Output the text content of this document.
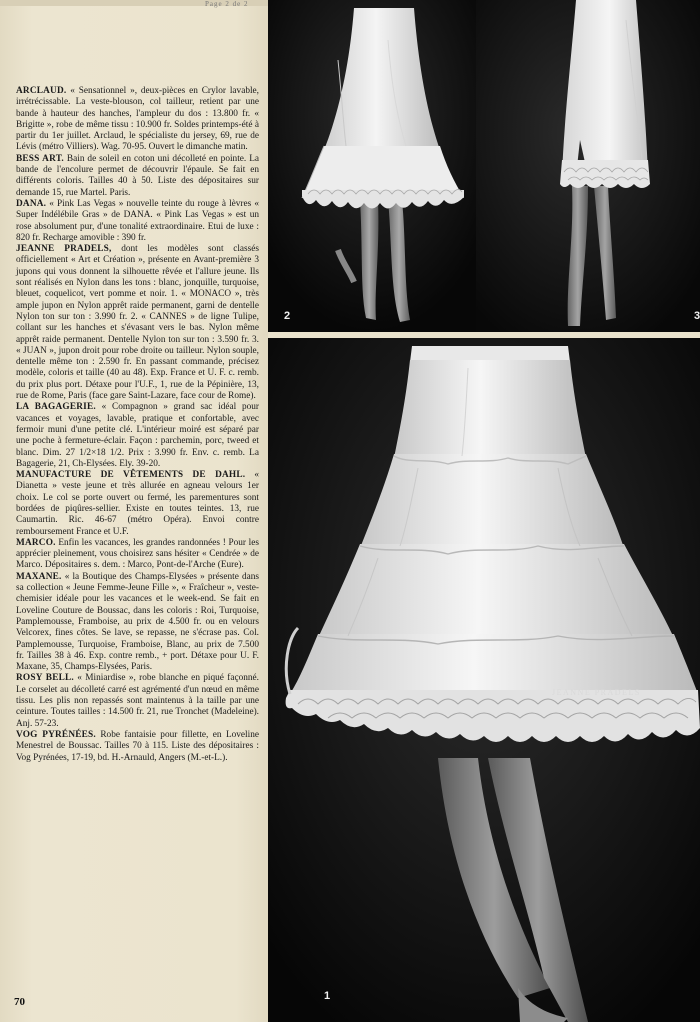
Page 2 de 2

ARCLAUD. « Sensationnel », deux-pièces en Crylor lavable, irrétrécissable. La veste-blouson, col tailleur, retient par une bande à hauteur des hanches, l'ampleur du dos : 13.800 fr. « Brigitte », robe de même tissu : 10.900 fr. Soldes printemps-été à partir du 1er juillet. Arclaud, le spécialiste du jersey, 69, rue de Lévis (métro Villiers). Wag. 70-95. Ouvert le dimanche matin.

BESS ART. Bain de soleil en coton uni décolleté en pointe. La bande de l'encolure permet de découvrir l'épaule. Se fait en différents coloris. Tailles 40 à 50. Liste des dépositaires sur demande 15, rue Martel. Paris.

DANA. « Pink Las Vegas » nouvelle teinte du rouge à lèvres « Super Indélébile Gras » de DANA. « Pink Las Vegas » est un rose absolument pur, d'une tonalité extraordinaire. Etui de luxe : 820 fr. Recharge amovible : 390 fr.

JEANNE PRADELS, dont les modèles sont classés officiellement « Art et Création », présente en Avant-première 3 jupons qui vous donnent la silhouette rêvée et l'allure jeune. Ils sont réalisés en Nylon dans les tons : blanc, jonquille, turquoise, bleuet, coquelicot, vert pomme et noir. 1. « MONACO », très ample jupon en Nylon apprêt raide permanent, garni de dentelle Nylon ton sur ton : 3.990 fr. 2. « CANNES » de ligne Tulipe, collant sur les hanches et s'évasant vers le bas. Nylon même apprêt raide permanent. Dentelle Nylon ton sur ton : 3.590 fr. 3. « JUAN », jupon droit pour robe droite ou tailleur. Nylon souple, dentelle même ton : 2.590 fr. En passant commande, précisez modèle, coloris et taille (40 au 48). Exp. France et U. F. c. remb. du prix plus port. Détaxe pour l'U.F., 1, rue de la Pépinière, 13, rue de Rome, Paris (face gare Saint-Lazare, face cour de Rome).

LA BAGAGERIE. « Compagnon » grand sac idéal pour vacances et voyages, lavable, pratique et confortable, avec fermoir muni d'une petite clé. L'intérieur moiré est séparé par une poche à fermeture-éclair. Façon : parchemin, porc, tweed et blanc. Dim. 27 1/2×18 1/2. Prix : 3.990 fr. Env. c. remb. La Bagagerie, 21, Ch-Elysées. Ely. 39-20.

MANUFACTURE DE VÊTEMENTS DE DAHL. « Dianetta » veste jeune et très allurée en agneau velours 1er choix. Le col se porte ouvert ou fermé, les parementures sont bordées de piqûres-sellier. Existe en toutes teintes. 13, rue Caumartin. Ric. 46-67 (métro Opéra). Envoi contre remboursement France et U.F.

MARCO. Enfin les vacances, les grandes randonnées ! Pour les apprécier pleinement, vous choisirez sans hésiter « Cendrée » de Marco. Dépositaires s. dem. : Marco, Pont-de-l'Arche (Eure).

MAXANE. « la Boutique des Champs-Elysées » présente dans sa collection « Jeune Femme-Jeune Fille », « Fraîcheur », veste-chemisier idéale pour les vacances et le week-end. Se fait en Loveline Couture de Boussac, dans les coloris : Roi, Turquoise, Pamplemousse, Framboise, au prix de 4.500 fr. ou en velours Velcorex, fines côtes. Se lave, se repasse, ne s'écrase pas. Col. Pamplemousse, Turquoise, Framboise, Blanc, au prix de 7.500 fr. Tailles 38 à 46. Exp. contre remb., + port. Détaxe pour U. F. Maxane, 35, Champs-Elysées, Paris.

ROSY BELL. « Miniardise », robe blanche en piqué façonné. Le corselet au décolleté carré est agrémenté d'un nœud en même tissu. Les plis non repassés sont maintenus à la taille par une ceinture. Toutes tailles : 14.500 fr. 21, rue Tronchet (Madeleine). Anj. 57-23.

VOG PYRÉNÉES. Robe fantaisie pour fillette, en Loveline Menestrel de Boussac. Tailles 70 à 115. Liste des dépositaires : Vog Pyrénées, 17-19, bd. H.-Arnauld, Angers (M.-et-L.).

70
2	3
JEANNE PRADELS
1
